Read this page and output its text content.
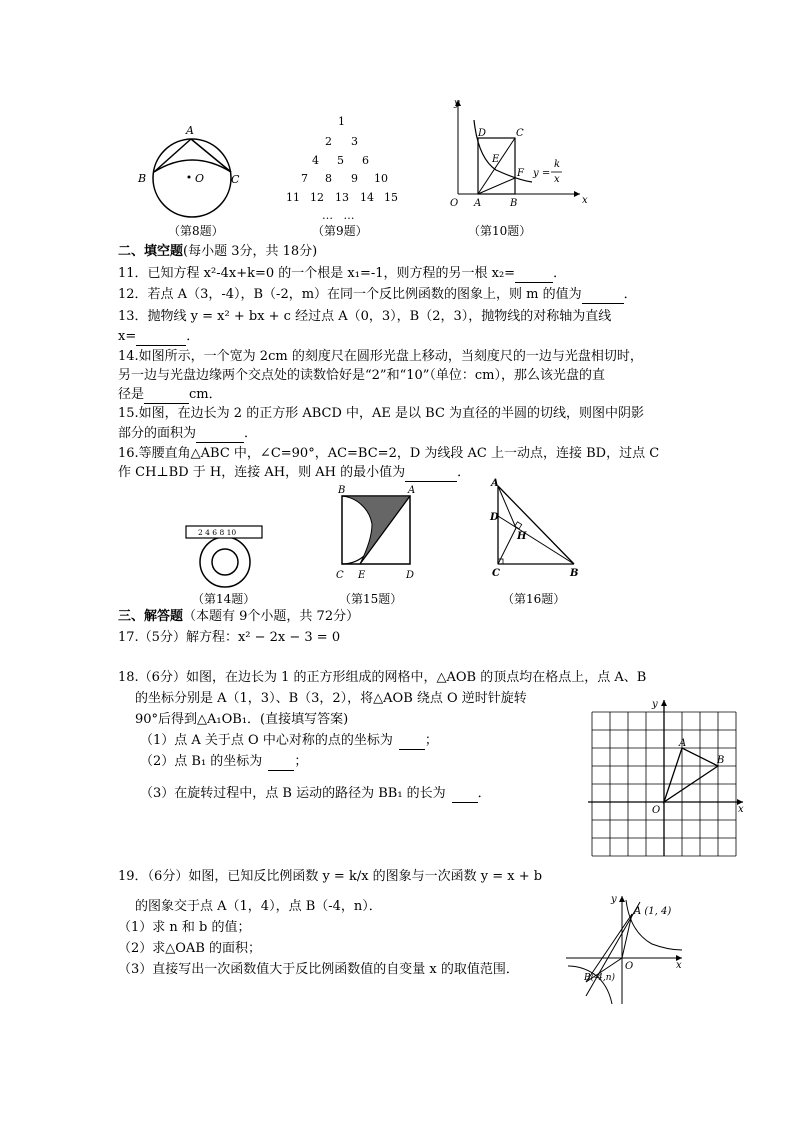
A
B	C
O
（第8题）
1
2 3
4 5 6
7 8 9 10
11 12 13 14 15
…   …
（第9题）
y
x
O A	B
C
D
E
F y =
k
x
（第10题）
二、填空题(每小题 3分，共 18分)
11．已知方程 x²-4x+k=0 的一个根是 x₁=-1，则方程的另一根 x₂=	．
12．若点 A（3，-4），B（-2，m）在同一个反比例函数的图象上，则 m 的值为	．
13．抛物线 y = x² + bx + c 经过点 A（0，3），B（2，3），抛物线的对称轴为直线
x=	．
14.如图所示，一个宽为 2cm 的刻度尺在圆形光盘上移动，当刻度尺的一边与光盘相切时，
另一边与光盘边缘两个交点处的读数恰好是“2”和“10”（单位：cm），那么该光盘的直
径是	cm．
15.如图，在边长为 2 的正方形 ABCD 中，AE 是以 BC 为直径的半圆的切线，则图中阴影
部分的面积为	．
16.等腰直角△ABC 中，∠C=90°，AC=BC=2，D 为线段 AC 上一动点，连接 BD，过点 C
作 CH⊥BD 于 H，连接 AH，则 AH 的最小值为	．
2 4 6 8 10
（第14题）
B	A
C E	D
（第15题）
A
D
H
C	B
（第16题）
三、解答题（本题有 9个小题，共 72分）
17.（5分）解方程：x² − 2x − 3 = 0
18.（6分）如图，在边长为 1 的正方形组成的网格中，△AOB 的顶点均在格点上，点 A、B
的坐标分别是 A（1，3）、B（3，2），将△AOB 绕点 O 逆时针旋转
90°后得到△A₁OB₁．(直接填写答案)
（1）点 A 关于点 O 中心对称的点的坐标为 ；
（2）点 B₁ 的坐标为 ；
（3）在旋转过程中，点 B 运动的路径为 BB₁ 的长为 ．
y
x
O
A
B
19．（6分）如图，已知反比例函数 y = k/x 的图象与一次函数 y = x + b
的图象交于点 A（1，4），点 B（-4，n）．
（1）求 n 和 b 的值；
（2）求△OAB 的面积；
（3）直接写出一次函数值大于反比例函数值的自变量 x 的取值范围．
y
x
O
A (1, 4)
B(-4,n)
